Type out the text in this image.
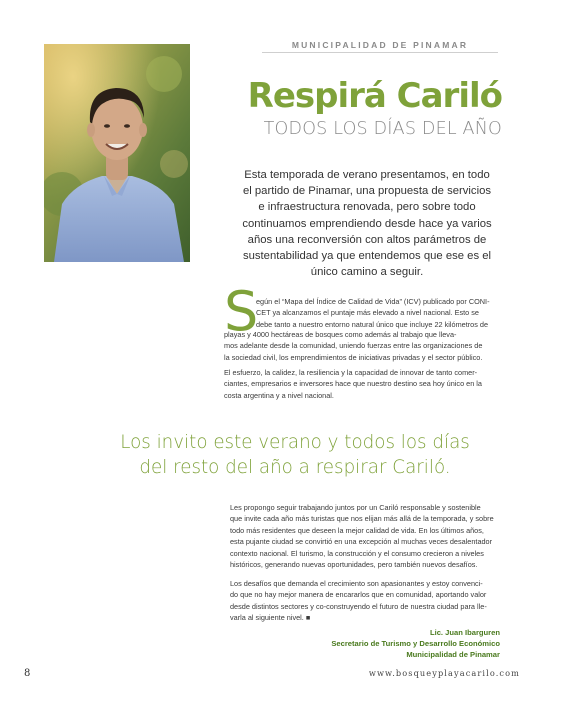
MUNICIPALIDAD DE PINAMAR
Respirá Cariló
TODOS LOS DÍAS DEL AÑO
Esta temporada de verano presentamos, en todo
el partido de Pinamar, una propuesta de servicios
e infraestructura renovada, pero sobre todo
continuamos emprendiendo desde hace ya varios
años una reconversión con altos parámetros de
sustentabilidad ya que entendemos que ese es el
único camino a seguir.
S
egún el “Mapa del Índice de Calidad de Vida” (ICV) publicado por CONI-
CET ya alcanzamos el puntaje más elevado a nivel nacional. Esto se
debe tanto a nuestro entorno natural único que incluye 22 kilómetros de
playas y 4000 hectáreas de bosques como además al trabajo que lleva-
mos adelante desde la comunidad, uniendo fuerzas entre las organizaciones de
la sociedad civil, los emprendimientos de iniciativas privadas y el sector público.
El esfuerzo, la calidez, la resiliencia y la capacidad de innovar de tanto comer-
ciantes, empresarios e inversores hace que nuestro destino sea hoy único en la
costa argentina y a nivel nacional.
Los invito este verano y todos los días
del resto del año a respirar Cariló.
Les propongo seguir trabajando juntos por un Cariló responsable y sostenible
que invite cada año más turistas que nos elijan más allá de la temporada, y sobre
todo más residentes que deseen la mejor calidad de vida. En los últimos años,
esta pujante ciudad se convirtió en una excepción al muchas veces desalentador
contexto nacional. El turismo, la construcción y el consumo crecieron a niveles
históricos, generando nuevas oportunidades, pero también nuevos desafíos.
Los desafíos que demanda el crecimiento son apasionantes y estoy convenci-
do que no hay mejor manera de encararlos que en comunidad, aportando valor
desde distintos sectores y co-construyendo el futuro de nuestra ciudad para lle-
varla al siguiente nivel. ■
Lic. Juan Ibarguren
Secretario de Turismo y Desarrollo Económico
Municipalidad de Pinamar
8	www.bosqueyplayacarilo.com
